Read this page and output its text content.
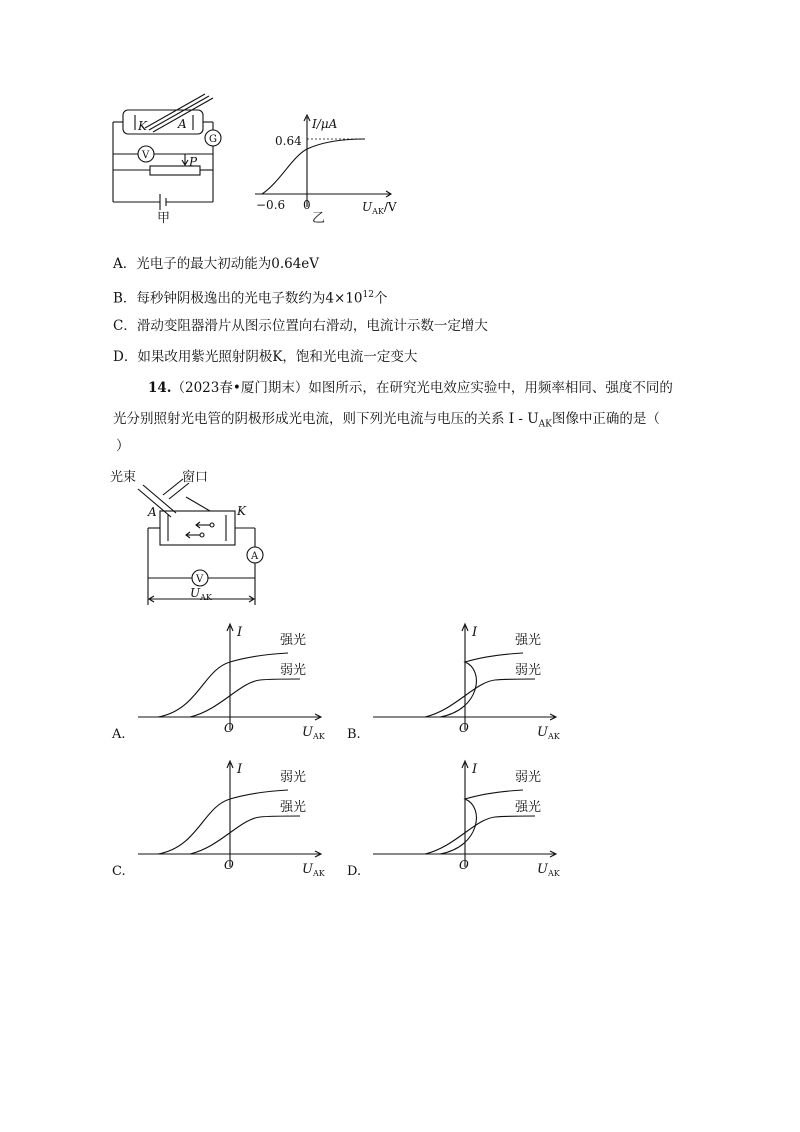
K	A
G
V	P
甲
I/μA
0.64
−0.6 0	$U_{AK}/V$
乙
A．光电子的最大初动能为0.64eV
B．每秒钟阴极逸出的光电子数约为$4\times 10^{12}$个
C．滑动变阻器滑片从图示位置向右滑动，电流计示数一定增大
D．如果改用紫光照射阴极K，饱和光电流一定变大
14.（2023春•厦门期末）如图所示，在研究光电效应实验中，用频率相同、强度不同的
光分别照射光电管的阴极形成光电流，则下列光电流与电压的关系 I - $U_{AK}$图像中正确的是（
）
光束	窗口
A	K
A
V
$U_{AK}$
I
强光
弱光
O	$U_{AK}$
A.
I
强光
弱光
O	$U_{AK}$
B.
I
弱光
强光
O	$U_{AK}$
C.
I
弱光
强光
O	$U_{AK}$
D.
